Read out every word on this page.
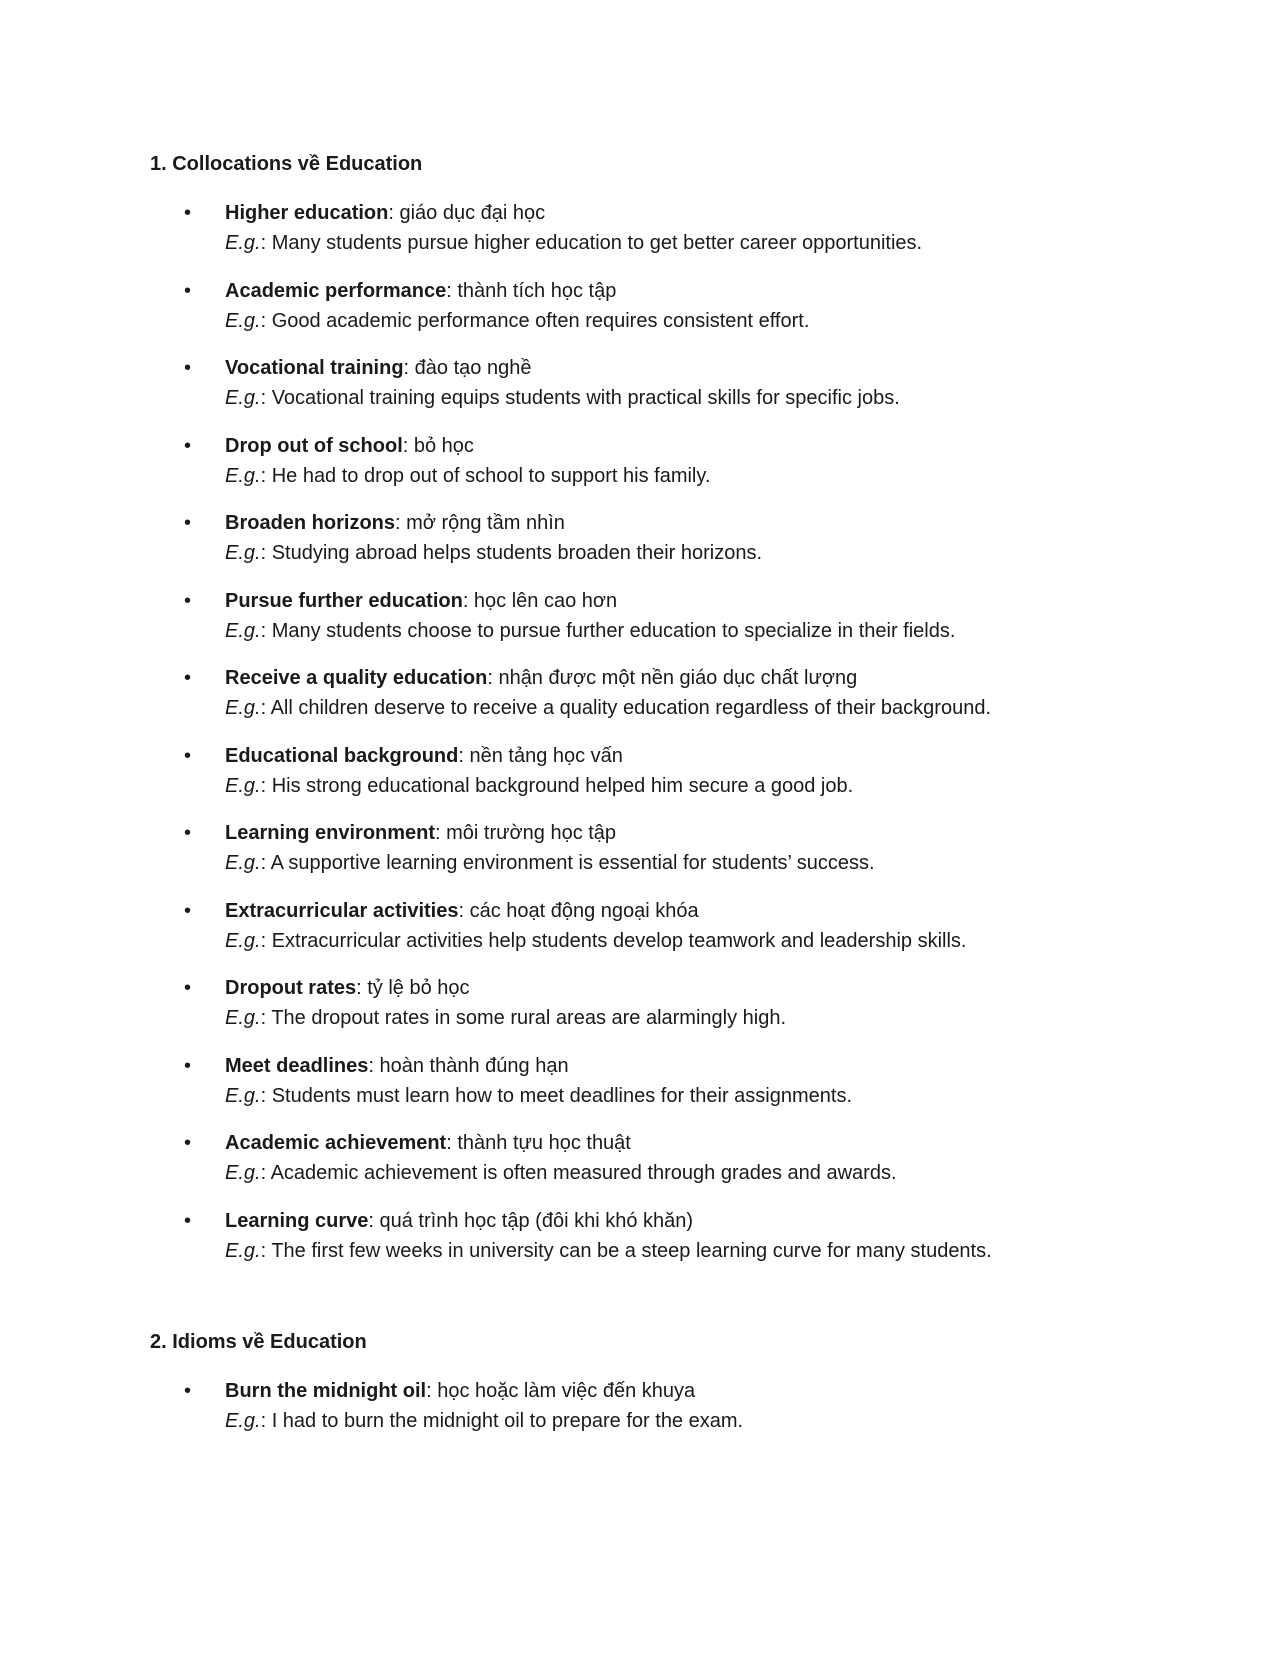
1. Collocations về Education
• Higher education: giáo dục đại học
E.g.: Many students pursue higher education to get better career opportunities.
• Academic performance: thành tích học tập
E.g.: Good academic performance often requires consistent effort.
• Vocational training: đào tạo nghề
E.g.: Vocational training equips students with practical skills for specific jobs.
• Drop out of school: bỏ học
E.g.: He had to drop out of school to support his family.
• Broaden horizons: mở rộng tầm nhìn
E.g.: Studying abroad helps students broaden their horizons.
• Pursue further education: học lên cao hơn
E.g.: Many students choose to pursue further education to specialize in their fields.
• Receive a quality education: nhận được một nền giáo dục chất lượng
E.g.: All children deserve to receive a quality education regardless of their background.
• Educational background: nền tảng học vấn
E.g.: His strong educational background helped him secure a good job.
• Learning environment: môi trường học tập
E.g.: A supportive learning environment is essential for students’ success.
• Extracurricular activities: các hoạt động ngoại khóa
E.g.: Extracurricular activities help students develop teamwork and leadership skills.
• Dropout rates: tỷ lệ bỏ học
E.g.: The dropout rates in some rural areas are alarmingly high.
• Meet deadlines: hoàn thành đúng hạn
E.g.: Students must learn how to meet deadlines for their assignments.
• Academic achievement: thành tựu học thuật
E.g.: Academic achievement is often measured through grades and awards.
• Learning curve: quá trình học tập (đôi khi khó khăn)
E.g.: The first few weeks in university can be a steep learning curve for many students.
2. Idioms về Education
• Burn the midnight oil: học hoặc làm việc đến khuya
E.g.: I had to burn the midnight oil to prepare for the exam.
